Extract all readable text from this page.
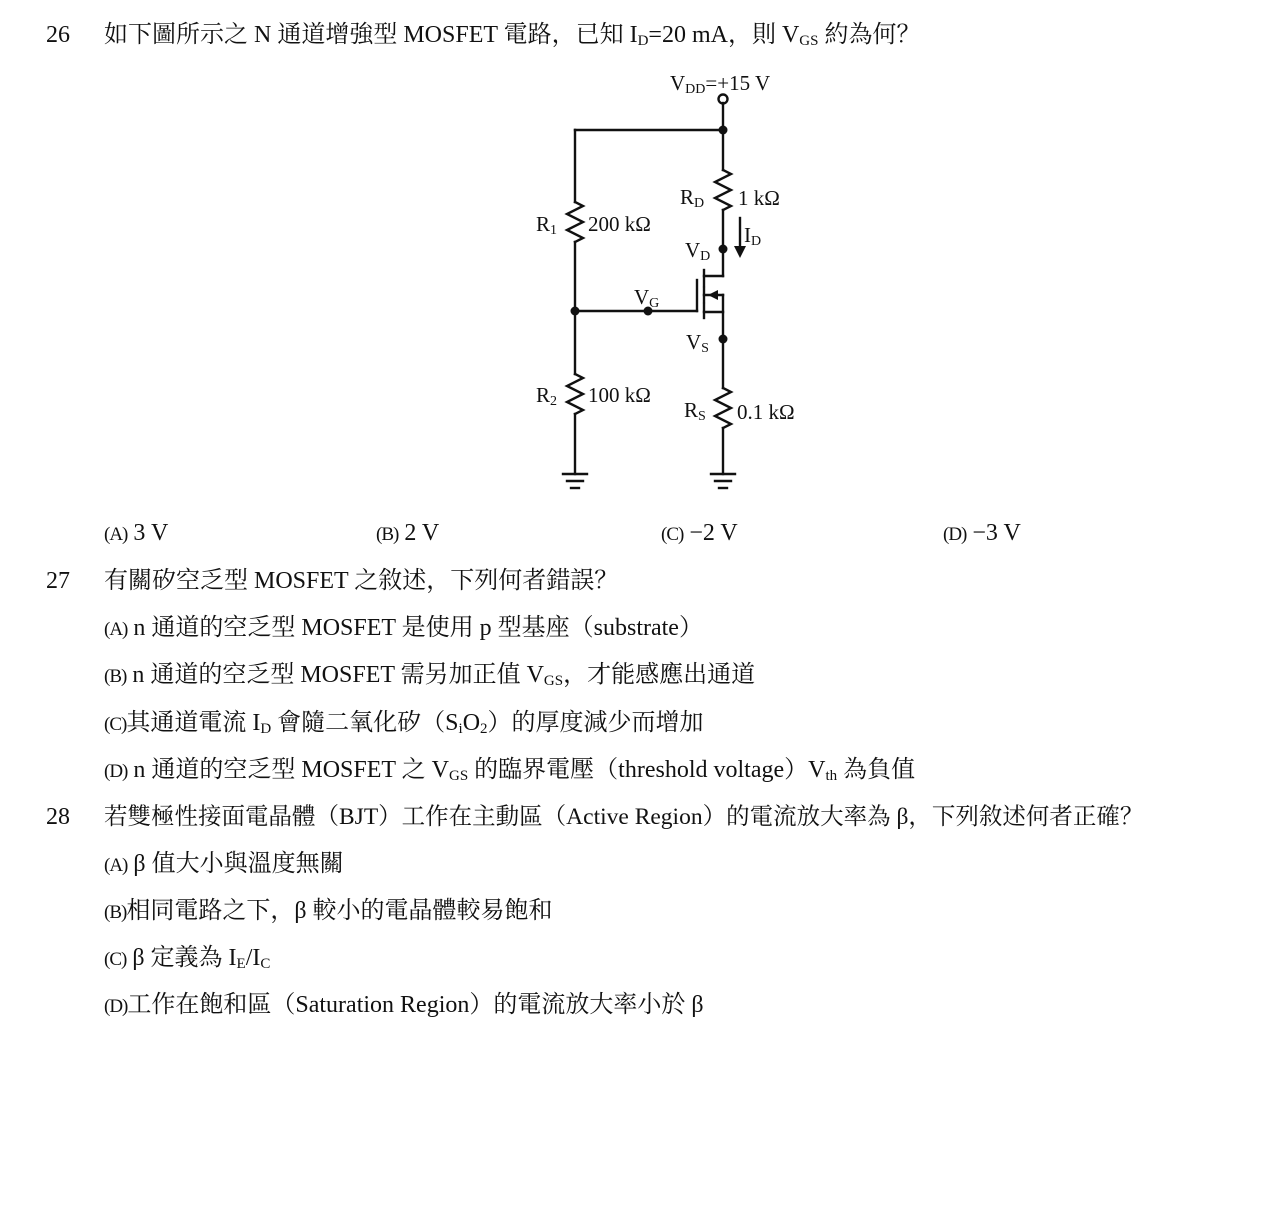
26 如下圖所示之 N 通道增強型 MOSFET 電路，已知 $I_D=20$ mA，則 $V_{GS}$ 約為何？
VDD=+15 V
R1 200 kΩ
R2 100 kΩ
RD 1 kΩ
ID
VD
VG
VS
RS 0.1 kΩ
(A) 3 V	(B) 2 V	(C) −2 V	(D) −3 V
27 有關矽空乏型 MOSFET 之敘述，下列何者錯誤？
(A) n 通道的空乏型 MOSFET 是使用 p 型基座（substrate）
(B) n 通道的空乏型 MOSFET 需另加正值 $V_{GS}$，才能感應出通道
(C)其通道電流 $I_D$ 會隨二氧化矽$(S_iO_2)$的厚度減少而增加
(D) n 通道的空乏型 MOSFET 之 $V_{GS}$ 的臨界電壓（threshold $voltage)V_{th}$ 為負值
28 若雙極性接面電晶體（BJT）工作在主動區（Active Region）的電流放大率為 β，下列敘述何者正確？
(A) β 值大小與溫度無關
(B)相同電路之下，β 較小的電晶體較易飽和
(C) β 定義為 $I_E/I_C$
(D)工作在飽和區（Saturation Region）的電流放大率小於 β
